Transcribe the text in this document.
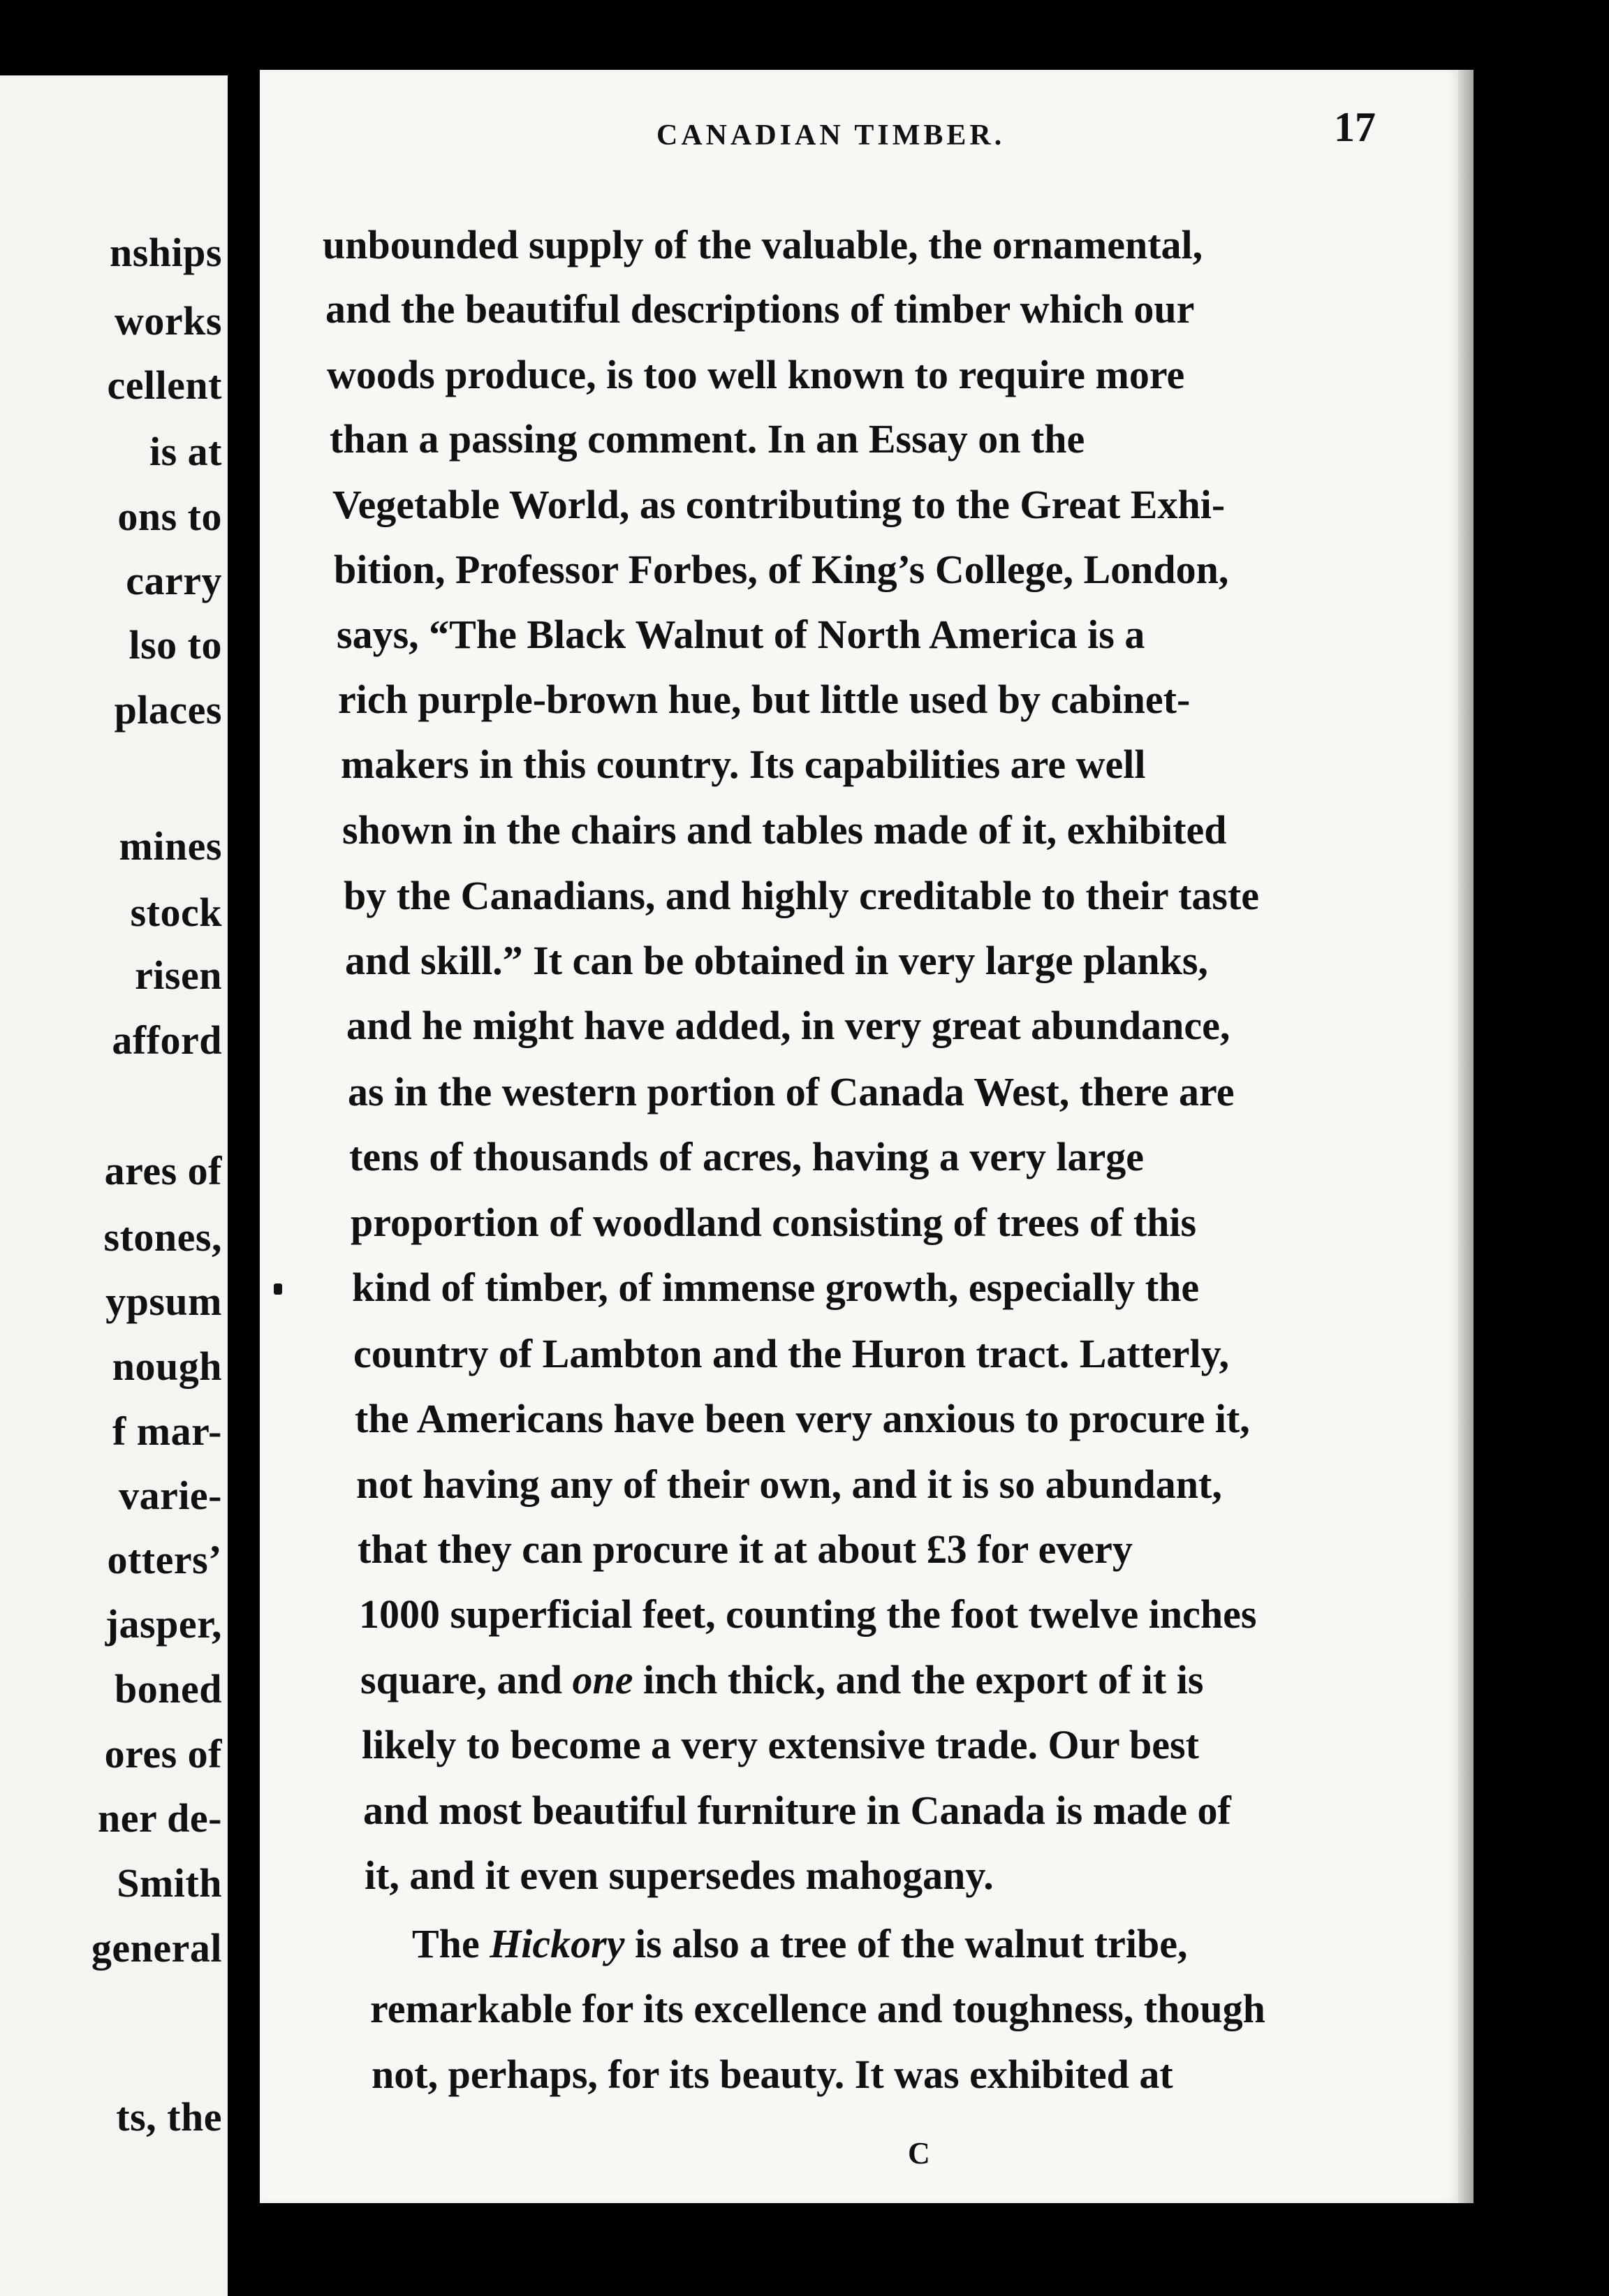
nships
works
cellent
is at
ons to
carry
lso to
places
mines
stock
risen
afford
ares of
stones,
ypsum
nough
f mar-
varie-
otters’
jasper,
boned
ores of
ner de-
Smith
general
ts, the
CANADIAN TIMBER.	17
unbounded supply of the valuable, the ornamental,
and the beautiful descriptions of timber which our
woods produce, is too well known to require more
than a passing comment. In an Essay on the
Vegetable World, as contributing to the Great Exhi-
bition, Professor Forbes, of King’s College, London,
says, “The Black Walnut of North America is a
rich purple-brown hue, but little used by cabinet-
makers in this country. Its capabilities are well
shown in the chairs and tables made of it, exhibited
by the Canadians, and highly creditable to their taste
and skill.” It can be obtained in very large planks,
and he might have added, in very great abundance,
as in the western portion of Canada West, there are
tens of thousands of acres, having a very large
proportion of woodland consisting of trees of this
kind of timber, of immense growth, especially the
country of Lambton and the Huron tract. Latterly,
the Americans have been very anxious to procure it,
not having any of their own, and it is so abundant,
that they can procure it at about £3 for every
1000 superficial feet, counting the foot twelve inches
square, and one inch thick, and the export of it is
likely to become a very extensive trade. Our best
and most beautiful furniture in Canada is made of
it, and it even supersedes mahogany.
The Hickory is also a tree of the walnut tribe,
remarkable for its excellence and toughness, though
not, perhaps, for its beauty. It was exhibited at
C
